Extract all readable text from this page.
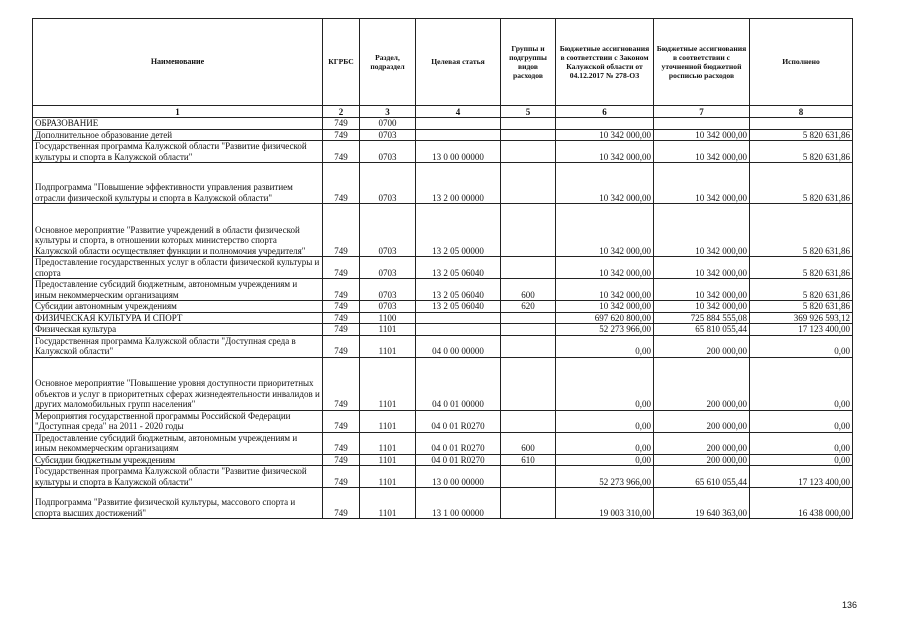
Наименование	КГРБС	Раздел, подраздел	Целевая статья	Группы и подгруппы видов расходов	Бюджетные ассигнования в соответствии с Законом Калужской области от 04.12.2017 № 278-ОЗ	Бюджетные ассигнования в соответствии с уточненной бюджетной росписью расходов	Исполнено
1	2	3	4	5	6	7	8
ОБРАЗОВАНИЕ	749	0700					
Дополнительное образование детей	749	0703			10 342 000,00	10 342 000,00	5 820 631,86
Государственная программа Калужской области "Развитие физической культуры и спорта в Калужской области"	749	0703	13 0 00 00000		10 342 000,00	10 342 000,00	5 820 631,86
Подпрограмма "Повышение эффективности управления развитием отрасли физической культуры и спорта в Калужской области"	749	0703	13 2 00 00000		10 342 000,00	10 342 000,00	5 820 631,86
Основное мероприятие "Развитие учреждений в области физической культуры и спорта, в отношении которых министерство спорта Калужской области осуществляет функции и полномочия учредителя"	749	0703	13 2 05 00000		10 342 000,00	10 342 000,00	5 820 631,86
Предоставление государственных услуг в области физической культуры и спорта	749	0703	13 2 05 06040		10 342 000,00	10 342 000,00	5 820 631,86
Предоставление субсидий бюджетным, автономным учреждениям и иным некоммерческим организациям	749	0703	13 2 05 06040	600	10 342 000,00	10 342 000,00	5 820 631,86
Субсидии автономным учреждениям	749	0703	13 2 05 06040	620	10 342 000,00	10 342 000,00	5 820 631,86
ФИЗИЧЕСКАЯ КУЛЬТУРА И СПОРТ	749	1100			697 620 800,00	725 884 555,08	369 926 593,12
Физическая культура	749	1101			52 273 966,00	65 810 055,44	17 123 400,00
Государственная программа Калужской области "Доступная среда в Калужской области"	749	1101	04 0 00 00000		0,00	200 000,00	0,00
Основное мероприятие "Повышение уровня доступности приоритетных объектов и услуг в приоритетных сферах жизнедеятельности инвалидов и других маломобильных групп населения"	749	1101	04 0 01 00000		0,00	200 000,00	0,00
Мероприятия государственной программы Российской Федерации "Доступная среда" на 2011 - 2020 годы	749	1101	04 0 01 R0270		0,00	200 000,00	0,00
Предоставление субсидий бюджетным, автономным учреждениям и иным некоммерческим организациям	749	1101	04 0 01 R0270	600	0,00	200 000,00	0,00
Субсидии бюджетным учреждениям	749	1101	04 0 01 R0270	610	0,00	200 000,00	0,00
Государственная программа Калужской области "Развитие физической культуры и спорта в Калужской области"	749	1101	13 0 00 00000		52 273 966,00	65 610 055,44	17 123 400,00
Подпрограмма "Развитие физической культуры, массового спорта и спорта высших достижений"	749	1101	13 1 00 00000		19 003 310,00	19 640 363,00	16 438 000,00
136
